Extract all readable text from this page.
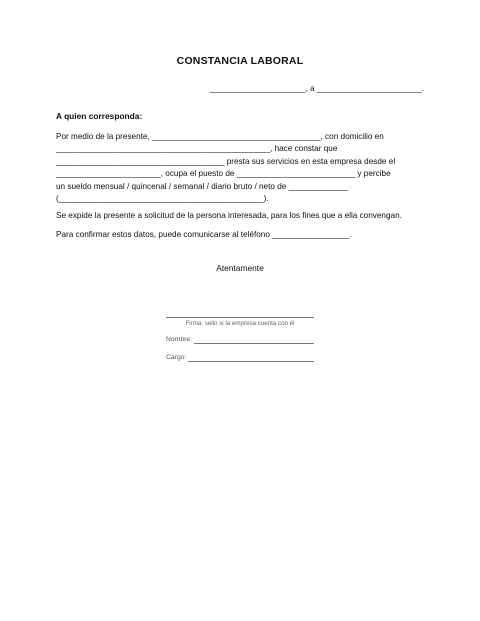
CONSTANCIA LABORAL
_____________________, a _______________________.
A quien corresponda:

Por medio de la presente, _____________________________________, con domicilio en

_______________________________________________, hace constar que

_____________________________________ presta sus servicios en esta empresa desde el

_______________________, ocupa el puesto de __________________________ y percibe

un sueldo mensual / quincenal / semanal / diario bruto / neto de _____________

(_____________________________________________).

Se expide la presente a solicitud de la persona interesada, para los fines que a ella convengan.
Para confirmar estos datos, puede comunicarse al teléfono _________________.
Atentamente
Firma; sello si la empresa cuenta con él
Nombre:
Cargo:
